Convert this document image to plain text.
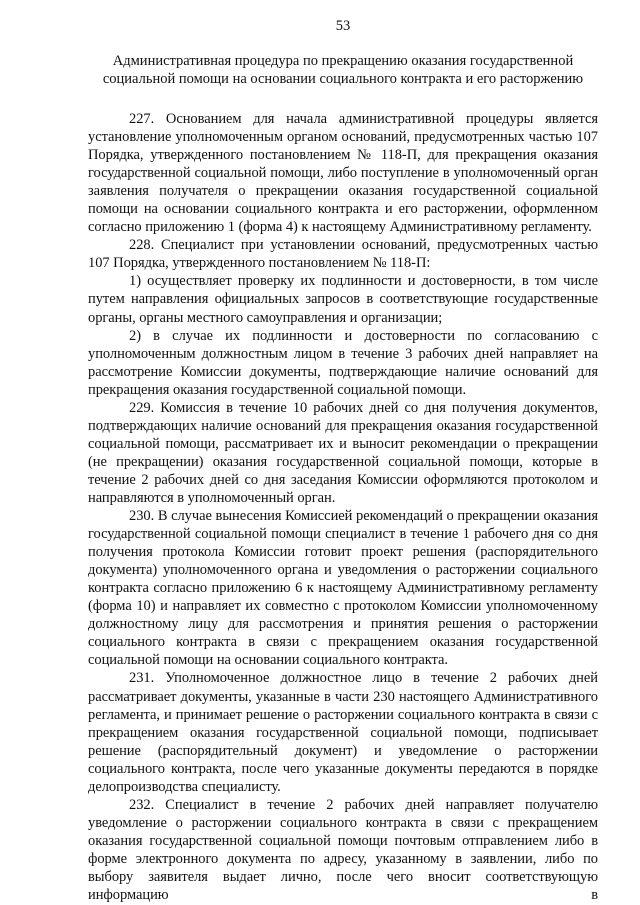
53
Административная процедура по прекращению оказания государственной социальной помощи на основании социального контракта и его расторжению

227. Основанием для начала административной процедуры является установление уполномоченным органом оснований, предусмотренных частью 107 Порядка, утвержденного постановлением № 118-П, для прекращения оказания государственной социальной помощи, либо поступление в уполномоченный орган заявления получателя о прекращении оказания государственной социальной помощи на основании социального контракта и его расторжении, оформленном согласно приложению 1 (форма 4) к настоящему Административному регламенту.

228. Специалист при установлении оснований, предусмотренных частью 107 Порядка, утвержденного постановлением № 118-П:

1) осуществляет проверку их подлинности и достоверности, в том числе путем направления официальных запросов в соответствующие государственные органы, органы местного самоуправления и организации;

2) в случае их подлинности и достоверности по согласованию с уполномоченным должностным лицом в течение 3 рабочих дней направляет на рассмотрение Комиссии документы, подтверждающие наличие оснований для прекращения оказания государственной социальной помощи.

229. Комиссия в течение 10 рабочих дней со дня получения документов, подтверждающих наличие оснований для прекращения оказания государственной социальной помощи, рассматривает их и выносит рекомендации о прекращении (не прекращении) оказания государственной социальной помощи, которые в течение 2 рабочих дней со дня заседания Комиссии оформляются протоколом и направляются в уполномоченный орган.

230. В случае вынесения Комиссией рекомендаций о прекращении оказания государственной социальной помощи специалист в течение 1 рабочего дня со дня получения протокола Комиссии готовит проект решения (распорядительного документа) уполномоченного органа и уведомления о расторжении социального контракта согласно приложению 6 к настоящему Административному регламенту (форма 10) и направляет их совместно с протоколом Комиссии уполномоченному должностному лицу для рассмотрения и принятия решения о расторжении социального контракта в связи с прекращением оказания государственной социальной помощи на основании социального контракта.

231. Уполномоченное должностное лицо в течение 2 рабочих дней рассматривает документы, указанные в части 230 настоящего Административного регламента, и принимает решение о расторжении социального контракта в связи с прекращением оказания государственной социальной помощи, подписывает решение (распорядительный документ) и уведомление о расторжении социального контракта, после чего указанные документы передаются в порядке делопроизводства специалисту.

232. Специалист в течение 2 рабочих дней направляет получателю уведомление о расторжении социального контракта в связи с прекращением оказания государственной социальной помощи почтовым отправлением либо в форме электронного документа по адресу, указанному в заявлении, либо по выбору заявителя выдает лично, после чего вносит соответствующую информацию в
